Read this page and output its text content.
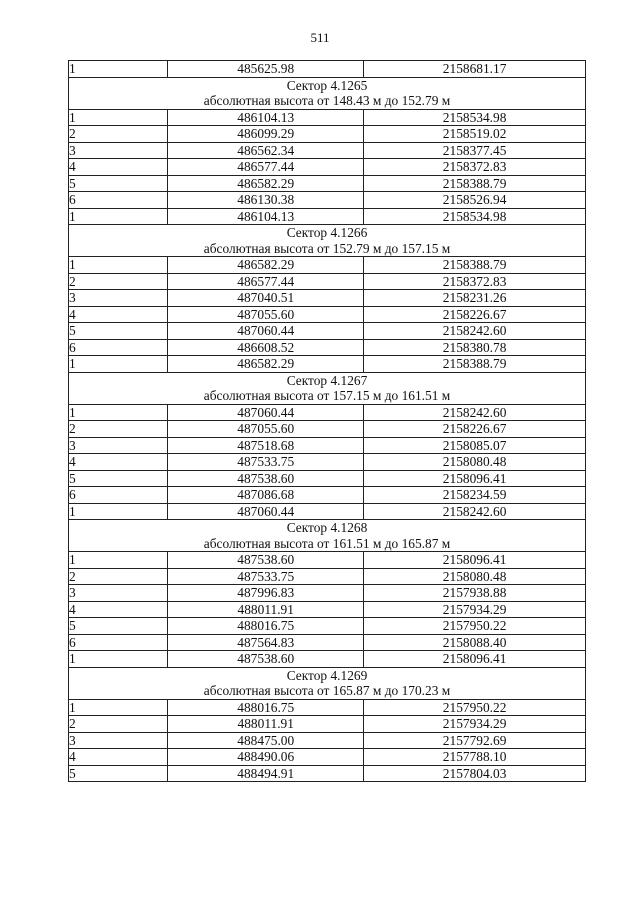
511
1	485625.98	2158681.17
Сектор 4.1265		
абсолютная высота от 148.43 м до 152.79 м		
1	486104.13	2158534.98
2	486099.29	2158519.02
3	486562.34	2158377.45
4	486577.44	2158372.83
5	486582.29	2158388.79
6	486130.38	2158526.94
1	486104.13	2158534.98
Сектор 4.1266		
абсолютная высота от 152.79 м до 157.15 м		
1	486582.29	2158388.79
2	486577.44	2158372.83
3	487040.51	2158231.26
4	487055.60	2158226.67
5	487060.44	2158242.60
6	486608.52	2158380.78
1	486582.29	2158388.79
Сектор 4.1267		
абсолютная высота от 157.15 м до 161.51 м		
1	487060.44	2158242.60
2	487055.60	2158226.67
3	487518.68	2158085.07
4	487533.75	2158080.48
5	487538.60	2158096.41
6	487086.68	2158234.59
1	487060.44	2158242.60
Сектор 4.1268		
абсолютная высота от 161.51 м до 165.87 м		
1	487538.60	2158096.41
2	487533.75	2158080.48
3	487996.83	2157938.88
4	488011.91	2157934.29
5	488016.75	2157950.22
6	487564.83	2158088.40
1	487538.60	2158096.41
Сектор 4.1269		
абсолютная высота от 165.87 м до 170.23 м		
1	488016.75	2157950.22
2	488011.91	2157934.29
3	488475.00	2157792.69
4	488490.06	2157788.10
5	488494.91	2157804.03
